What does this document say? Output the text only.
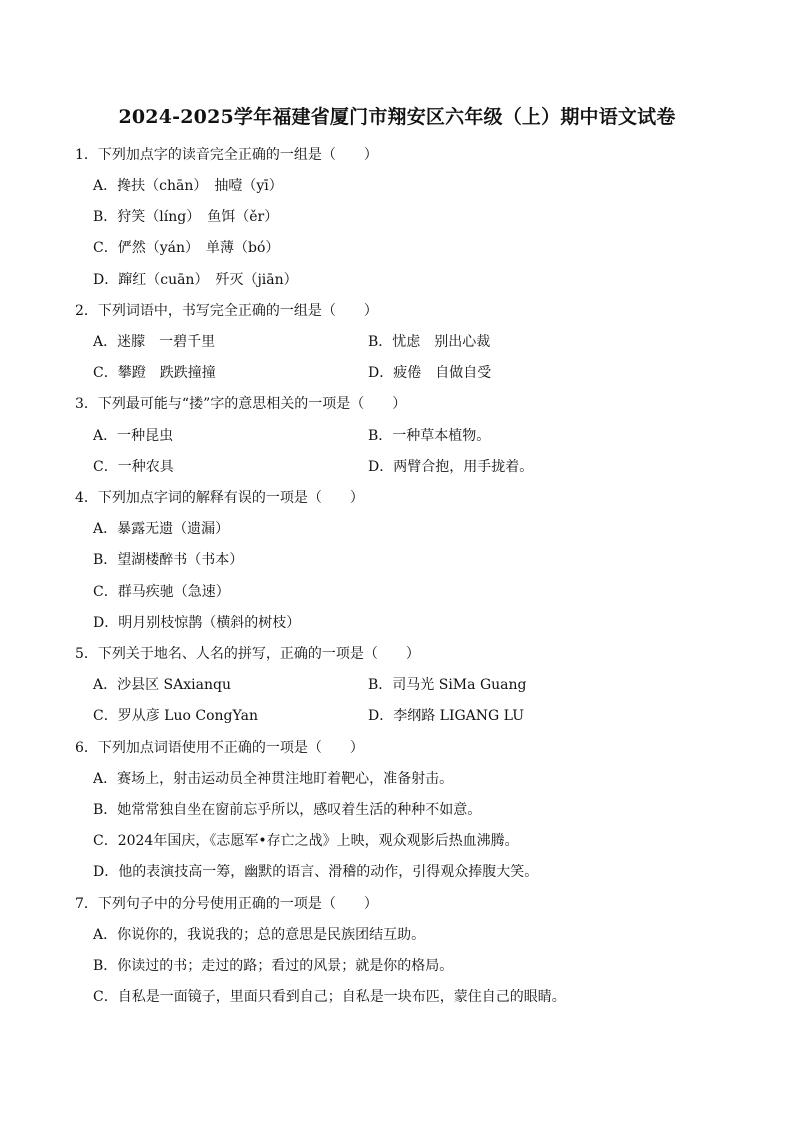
2024-2025学年福建省厦门市翔安区六年级（上）期中语文试卷
1．下列加点字的读音完全正确的一组是（　　）
A．搀扶（chān）　抽噎（yī）
B．狩笑（líng）　鱼饵（ěr）
C．俨然（yán）　单薄（bó）
D．蹿红（cuān）　歼灭（jiān）
2．下列词语中，书写完全正确的一组是（　　）
A．迷朦　一碧千里	B．忧虑　别出心裁
C．攀蹬　跌跌撞撞	D．疲倦　自做自受
3．下列最可能与“搂”字的意思相关的一项是（　　）
A．一种昆虫	B．一种草本植物。
C．一种农具	D．两臂合抱，用手拢着。
4．下列加点字词的解释有误的一项是（　　）
A．暴露无遗（遗漏）
B．望湖楼醉书（书本）
C．群马疾驰（急速）
D．明月别枝惊鹊（横斜的树枝）
5．下列关于地名、人名的拼写，正确的一项是（　　）
A．沙县区 SAxianqu	B．司马光 SiMa Guang
C．罗从彦 Luo CongYan	D．李纲路 LIGANG LU
6．下列加点词语使用不正确的一项是（　　）
A．赛场上，射击运动员全神贯注地盯着靶心，准备射击。
B．她常常独自坐在窗前忘乎所以，感叹着生活的种种不如意。
C．2024年国庆，《志愿军•存亡之战》上映，观众观影后热血沸腾。
D．他的表演技高一筹，幽默的语言、滑稽的动作，引得观众捧腹大笑。
7．下列句子中的分号使用正确的一项是（　　）
A．你说你的，我说我的；总的意思是民族团结互助。
B．你读过的书；走过的路；看过的风景；就是你的格局。
C．自私是一面镜子，里面只看到自己；自私是一块布匹，蒙住自己的眼睛。
